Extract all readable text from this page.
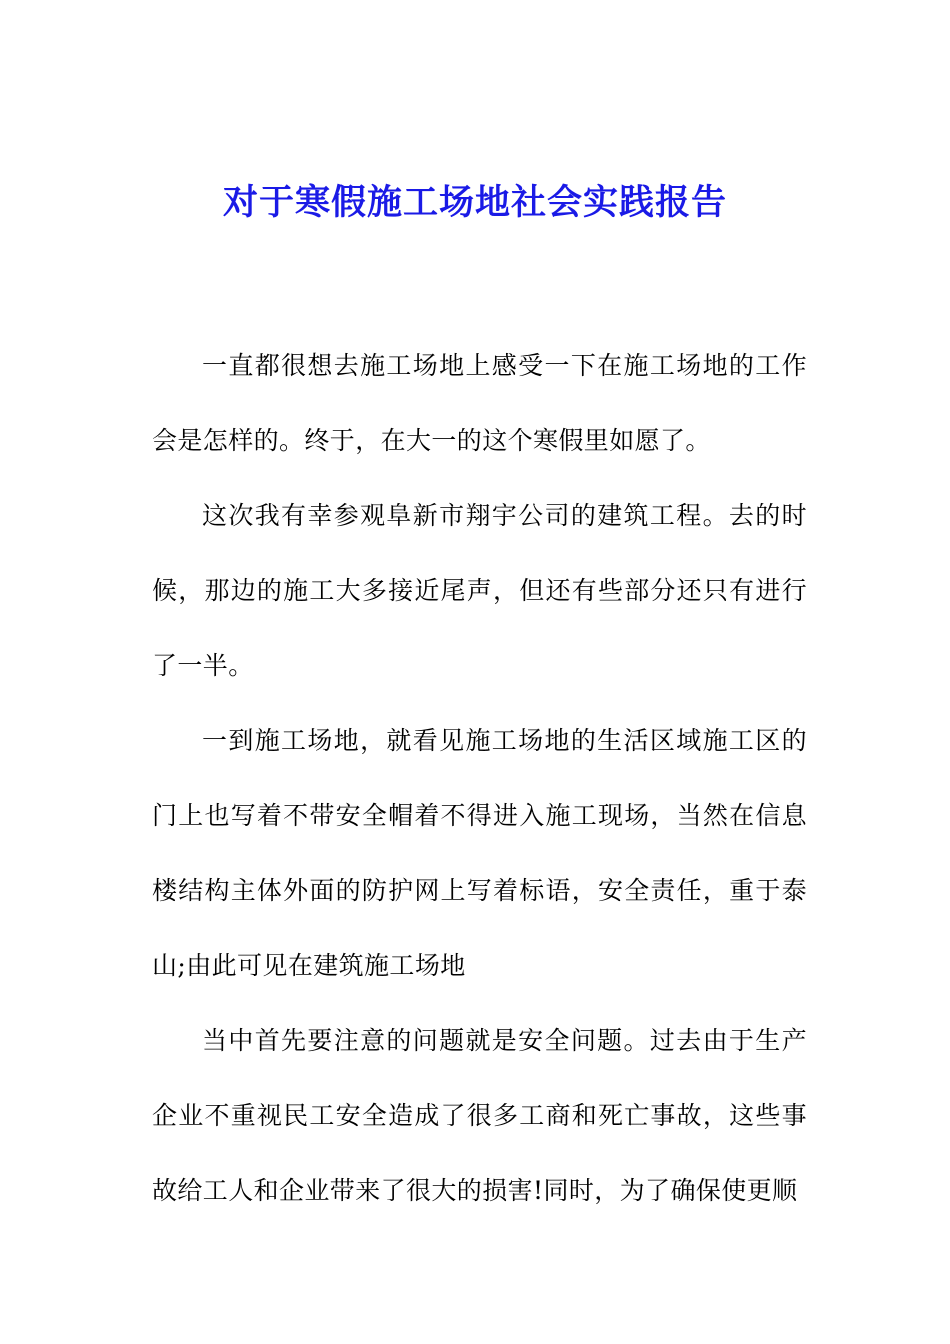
对于寒假施工场地社会实践报告

一直都很想去施工场地上感受一下在施工场地的工作会是怎样的。终于，在大一的这个寒假里如愿了。

这次我有幸参观阜新市翔宇公司的建筑工程。去的时候，那边的施工大多接近尾声，但还有些部分还只有进行了一半。

一到施工场地，就看见施工场地的生活区域施工区的门上也写着不带安全帽着不得进入施工现场，当然在信息楼结构主体外面的防护网上写着标语，安全责任，重于泰山;由此可见在建筑施工场地

当中首先要注意的问题就是安全问题。过去由于生产企业不重视民工安全造成了很多工商和死亡事故，这些事故给工人和企业带来了很大的损害!同时，为了确保使更顺
